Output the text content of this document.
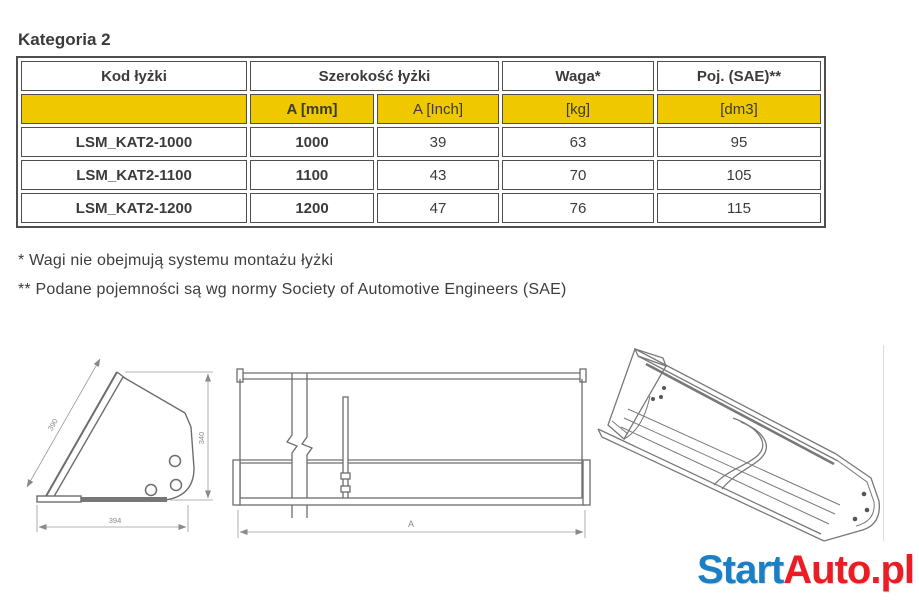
Kategoria 2
Kod łyżki	Szerokość łyżki		Waga*	Poj. (SAE)**
	A [mm]	A [Inch]	[kg]	[dm3]
LSM_KAT2-1000	1000	39	63	95
LSM_KAT2-1100	1100	43	70	105
LSM_KAT2-1200	1200	47	76	115
* Wagi nie obejmują systemu montażu łyżki
** Podane pojemności są wg normy Society of Automotive Engineers (SAE)
390
340
394	A
StartAuto.pl
